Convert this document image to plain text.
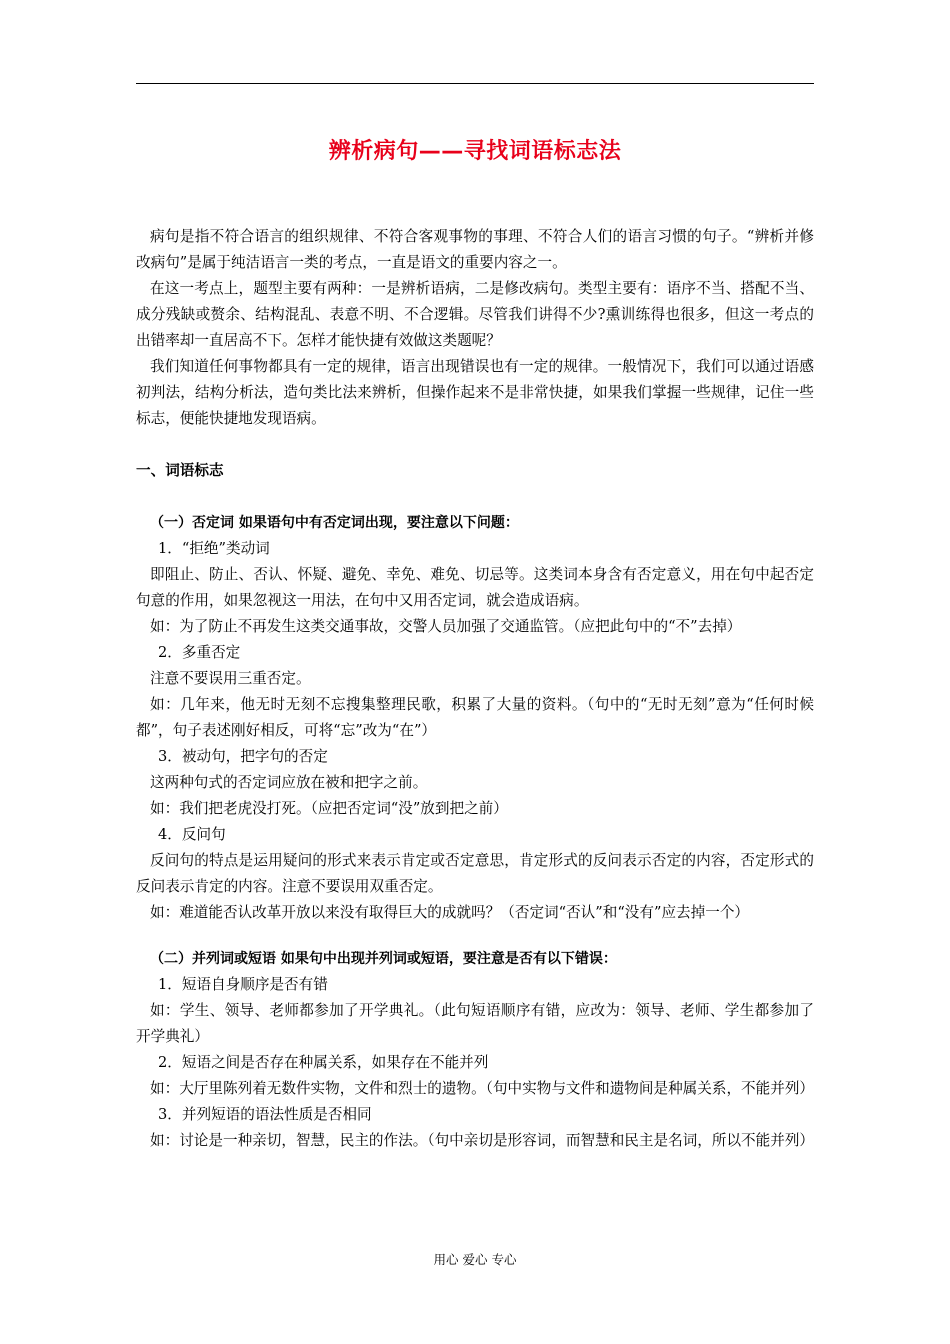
辨析病句——寻找词语标志法

病句是指不符合语言的组织规律、不符合客观事物的事理、不符合人们的语言习惯的句子。“辨析并修改病句”是属于纯洁语言一类的考点，一直是语文的重要内容之一。

在这一考点上，题型主要有两种：一是辨析语病，二是修改病句。类型主要有：语序不当、搭配不当、成分残缺或赘余、结构混乱、表意不明、不合逻辑。尽管我们讲得不少?熏训练得也很多，但这一考点的出错率却一直居高不下。怎样才能快捷有效做这类题呢？

我们知道任何事物都具有一定的规律，语言出现错误也有一定的规律。一般情况下，我们可以通过语感初判法，结构分析法，造句类比法来辨析，但操作起来不是非常快捷，如果我们掌握一些规律，记住一些标志，便能快捷地发现语病。

一、词语标志

（一）否定词 如果语句中有否定词出现，要注意以下问题：

1．“拒绝”类动词

即阻止、防止、否认、怀疑、避免、幸免、难免、切忌等。这类词本身含有否定意义，用在句中起否定句意的作用，如果忽视这一用法，在句中又用否定词，就会造成语病。

如：为了防止不再发生这类交通事故，交警人员加强了交通监管。（应把此句中的“不”去掉）

2．多重否定

注意不要误用三重否定。

如：几年来，他无时无刻不忘搜集整理民歌，积累了大量的资料。（句中的“无时无刻”意为“任何时候都”，句子表述刚好相反，可将“忘”改为“在”）

3．被动句，把字句的否定

这两种句式的否定词应放在被和把字之前。

如：我们把老虎没打死。（应把否定词“没”放到把之前）

4．反问句

反问句的特点是运用疑问的形式来表示肯定或否定意思，肯定形式的反问表示否定的内容，否定形式的反问表示肯定的内容。注意不要误用双重否定。

如：难道能否认改革开放以来没有取得巨大的成就吗？（否定词“否认”和“没有”应去掉一个）

（二）并列词或短语 如果句中出现并列词或短语，要注意是否有以下错误：

1．短语自身顺序是否有错

如：学生、领导、老师都参加了开学典礼。（此句短语顺序有错，应改为：领导、老师、学生都参加了开学典礼）

2．短语之间是否存在种属关系，如果存在不能并列

如：大厅里陈列着无数件实物，文件和烈士的遗物。（句中实物与文件和遗物间是种属关系，不能并列）

3．并列短语的语法性质是否相同

如：讨论是一种亲切，智慧，民主的作法。（句中亲切是形容词，而智慧和民主是名词，所以不能并列）

用心 爱心 专心
